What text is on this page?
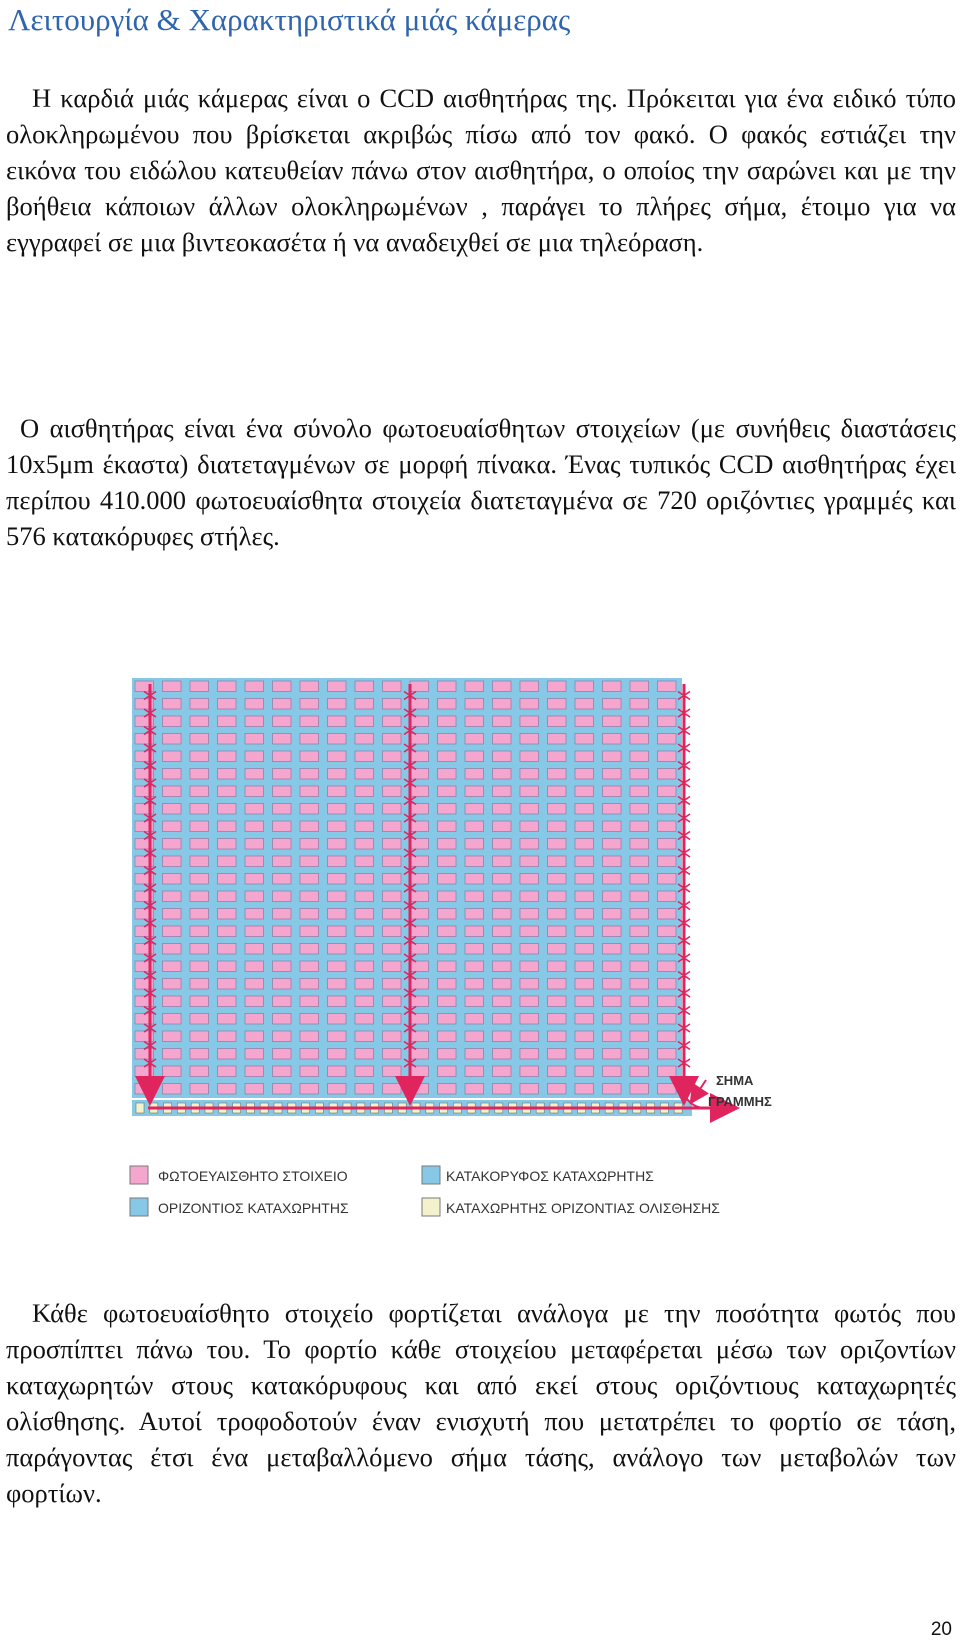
Λειτουργία & Χαρακτηριστικά μιάς κάμερας

Η καρδιά μιάς κάμερας είναι ο CCD αισθητήρας της. Πρόκειται για ένα ειδικό τύπο ολοκληρωμένου που βρίσκεται ακριβώς πίσω από τον φακό. Ο φακός εστιάζει την εικόνα του ειδώλου κατευθείαν πάνω στον αισθητήρα, ο οποίος την σαρώνει και με την βοήθεια κάποιων άλλων ολοκληρωμένων , παράγει το πλήρες σήμα, έτοιμο για να εγγραφεί σε μια βιντεοκασέτα ή να αναδειχθεί σε μια τηλεόραση.

Ο αισθητήρας είναι ένα σύνολο φωτοευαίσθητων στοιχείων (με συνήθεις διαστάσεις 10x5μm έκαστα) διατεταγμένων σε μορφή πίνακα. Ένας τυπικός CCD αισθητήρας έχει περίπου 410.000 φωτοευαίσθητα στοιχεία διατεταγμένα σε 720 οριζόντιες γραμμές και 576 κατακόρυφες στήλες.

ΣΗΜΑ
ΓΡΑΜΜΗΣ
ΦΩΤΟΕΥΑΙΣΘΗΤΟ ΣΤΟΙΧΕΙΟ	ΚΑΤΑΚΟΡΥΦΟΣ ΚΑΤΑΧΩΡΗΤΗΣ
ΟΡΙΖΟΝΤΙΟΣ ΚΑΤΑΧΩΡΗΤΗΣ	ΚΑΤΑΧΩΡΗΤΗΣ ΟΡΙΖΟΝΤΙΑΣ ΟΛΙΣΘΗΣΗΣ

Κάθε φωτοευαίσθητο στοιχείο φορτίζεται ανάλογα με την ποσότητα φωτός που προσπίπτει πάνω του. Το φορτίο κάθε στοιχείου μεταφέρεται μέσω των οριζοντίων καταχωρητών στους κατακόρυφους και από εκεί στους οριζόντιους καταχωρητές ολίσθησης. Αυτοί τροφοδοτούν έναν ενισχυτή που μετατρέπει το φορτίο σε τάση, παράγοντας έτσι ένα μεταβαλλόμενο σήμα τάσης, ανάλογο των μεταβολών των φορτίων.

20
